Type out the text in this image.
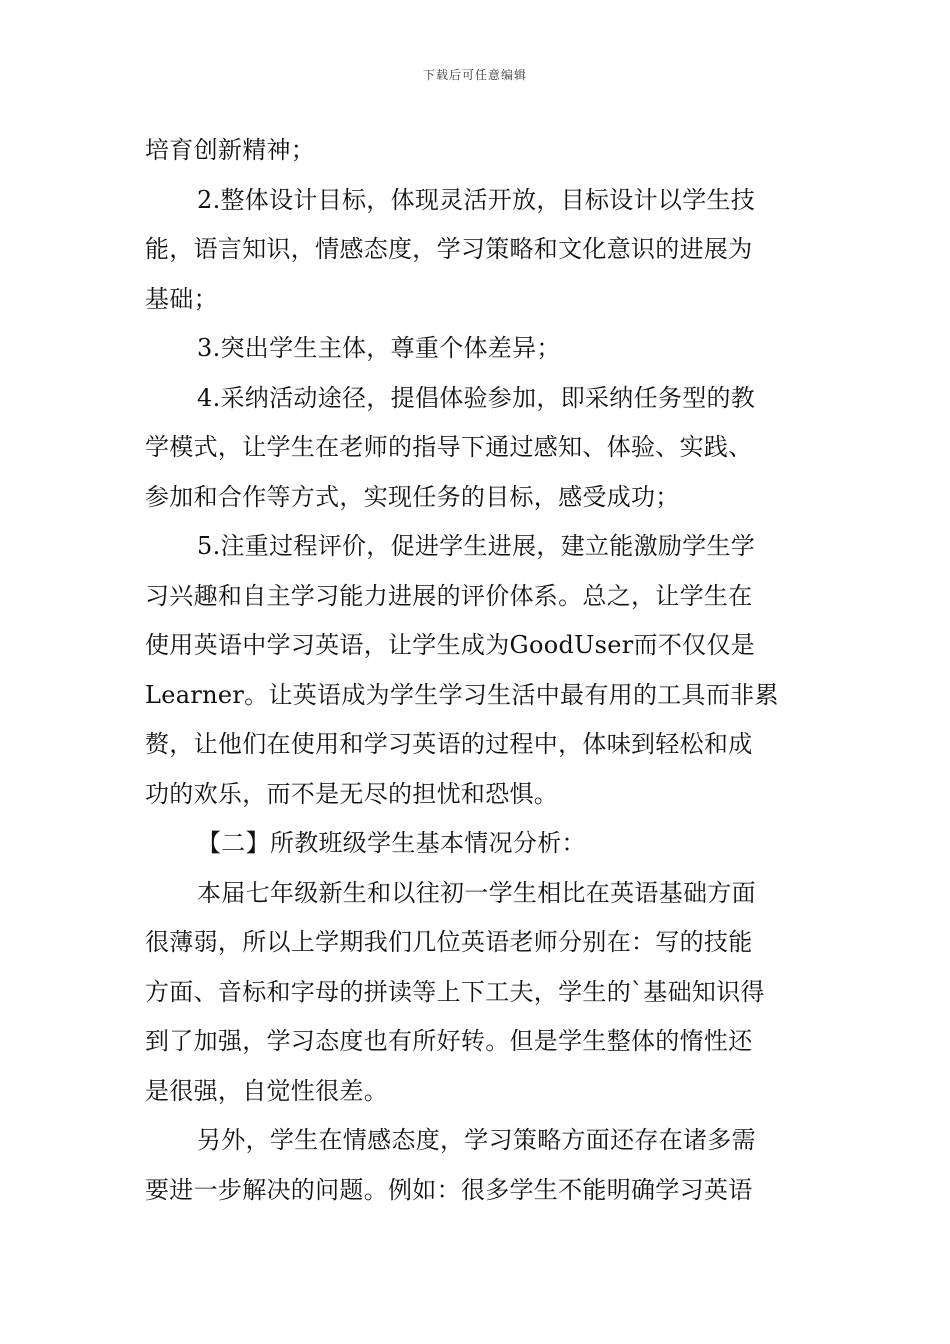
下载后可任意编辑
培育创新精神；
2.整体设计目标，体现灵活开放，目标设计以学生技
能，语言知识，情感态度，学习策略和文化意识的进展为
基础；
3.突出学生主体，尊重个体差异；
4.采纳活动途径，提倡体验参加，即采纳任务型的教
学模式，让学生在老师的指导下通过感知、体验、实践、
参加和合作等方式，实现任务的目标，感受成功；
5.注重过程评价，促进学生进展，建立能激励学生学
习兴趣和自主学习能力进展的评价体系。总之，让学生在
使用英语中学习英语，让学生成为GoodUser而不仅仅是
Learner。让英语成为学生学习生活中最有用的工具而非累
赘，让他们在使用和学习英语的过程中，体味到轻松和成
功的欢乐，而不是无尽的担忧和恐惧。
【二】所教班级学生基本情况分析：
本届七年级新生和以往初一学生相比在英语基础方面
很薄弱，所以上学期我们几位英语老师分别在：写的技能
方面、音标和字母的拼读等上下工夫，学生的`基础知识得
到了加强，学习态度也有所好转。但是学生整体的惰性还
是很强，自觉性很差。
另外，学生在情感态度，学习策略方面还存在诸多需
要进一步解决的问题。例如：很多学生不能明确学习英语
